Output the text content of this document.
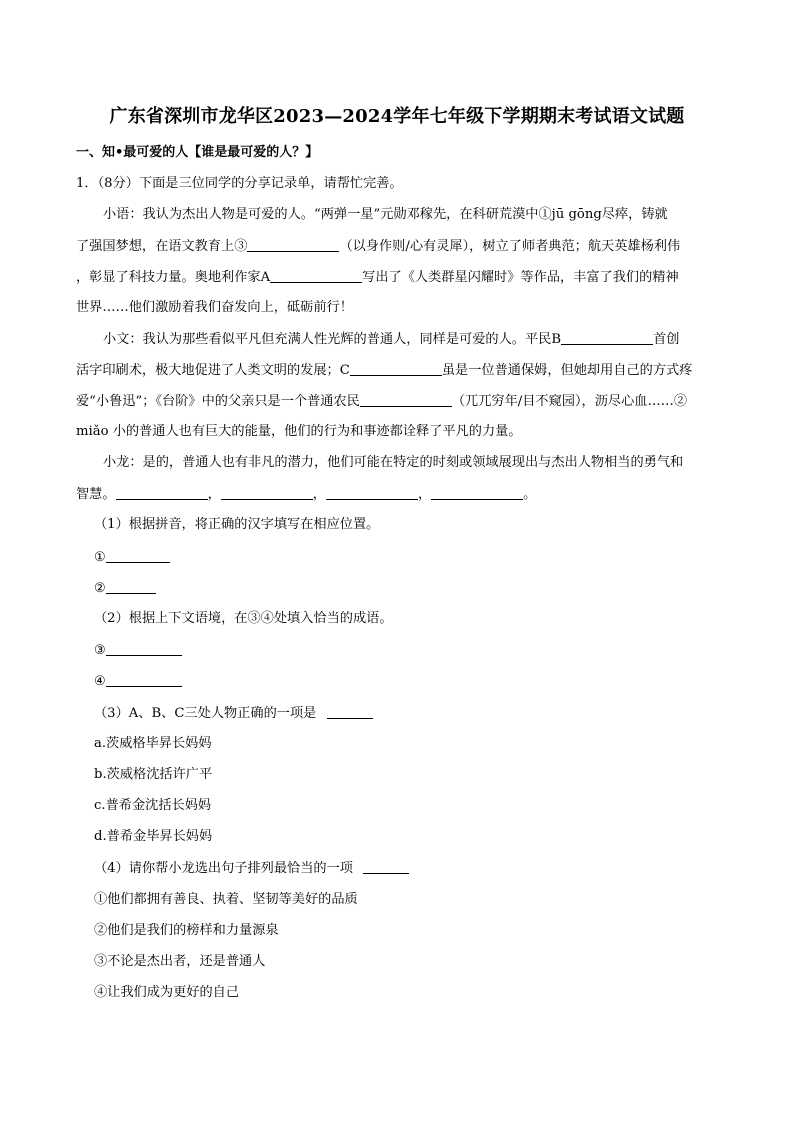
广东省深圳市龙华区2023—2024学年七年级下学期期末考试语文试题
一、知•最可爱的人【谁是最可爱的人？】
1．（8分）下面是三位同学的分享记录单，请帮忙完善。
小语：我认为杰出人物是可爱的人。“两弹一星”元勋邓稼先，在科研荒漠中①jū gōng尽瘁，铸就
了强国梦想，在语文教育上③	（以身作则/心有灵犀），树立了师者典范；航天英雄杨利伟
，彰显了科技力量。奥地利作家A	写出了《人类群星闪耀时》等作品，丰富了我们的精神
世界……他们激励着我们奋发向上，砥砺前行！
小文：我认为那些看似平凡但充满人性光辉的普通人，同样是可爱的人。平民B	首创
活字印刷术，极大地促进了人类文明的发展；C	虽是一位普通保姆，但她却用自己的方式疼
爱“小鲁迅”；《台阶》中的父亲只是一个普通农民	（兀兀穷年/目不窥园），沥尽心血……②
miǎo 小的普通人也有巨大的能量，他们的行为和事迹都诠释了平凡的力量。
小龙：是的，普通人也有非凡的潜力，他们可能在特定的时刻或领域展现出与杰出人物相当的勇气和
智慧。	，	，	，	。
（1）根据拼音，将正确的汉字填写在相应位置。
①
②
（2）根据上下文语境，在③④处填入恰当的成语。
③
④
（3）A、B、C三处人物正确的一项是
a.茨威格毕昇长妈妈
b.茨威格沈括许广平
c.普希金沈括长妈妈
d.普希金毕昇长妈妈
（4）请你帮小龙选出句子排列最恰当的一项
①他们都拥有善良、执着、坚韧等美好的品质
②他们是我们的榜样和力量源泉
③不论是杰出者，还是普通人
④让我们成为更好的自己
